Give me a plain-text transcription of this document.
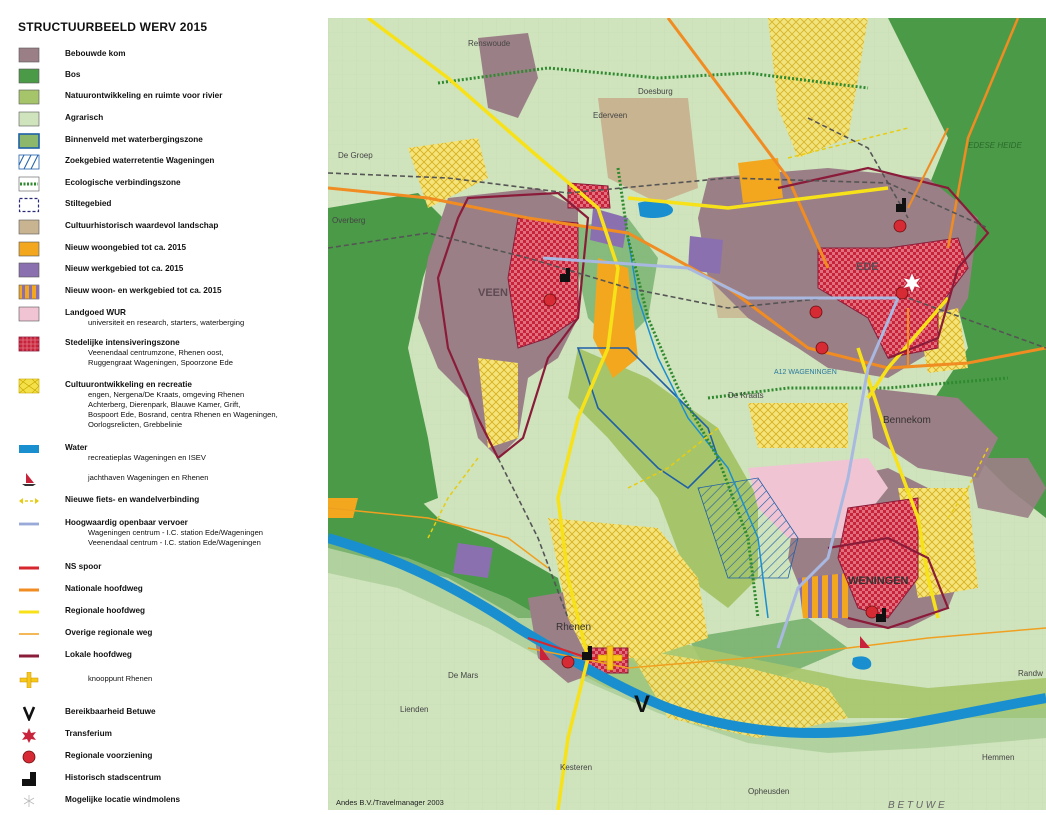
STRUCTUURBEELD WERV 2015
Bebouwde kom
Bos
Natuurontwikkeling en ruimte voor rivier
Agrarisch
Binnenveld met waterbergingszone
Zoekgebied waterretentie Wageningen
Ecologische verbindingszone
Stiltegebied
Cultuurhistorisch waardevol landschap
Nieuw woongebied tot ca. 2015
Nieuw werkgebied tot ca. 2015
Nieuw woon- en werkgebied tot ca. 2015
Landgoed WUR
universiteit en research, starters, waterberging
Stedelijke intensiveringszone
Veenendaal centrumzone, Rhenen oost,
Ruggengraat Wageningen, Spoorzone Ede
Cultuurontwikkeling en recreatie
engen, Nergena/De Kraats, omgeving Rhenen
Achterberg, Dierenpark, Blauwe Kamer, Grift,
Bospoort Ede, Bosrand, centra Rhenen en Wageningen,
Oorlogsrelicten, Grebbelinie
Water
recreatieplas Wageningen en ISEV
jachthaven Wageningen en Rhenen
Nieuwe fiets- en wandelverbinding
Hoogwaardig openbaar vervoer
Wageningen centrum - I.C. station Ede/Wageningen
Veenendaal centrum - I.C. station Ede/Wageningen
NS spoor
Nationale hoofdweg
Regionale hoofdweg
Overige regionale weg
Lokale hoofdweg
knooppunt Rhenen
Bereikbaarheid Betuwe
Transferium
Regionale voorziening
Historisch stadscentrum
Mogelijke locatie windmolens
Renswoude
Doesburg
Ederveen
De Groep
Overberg
VEEN
EDE
Bennekom
WENINGEN
Rhenen
Kesteren
Lienden
Opheusden
De Kraats
De Mars
Hemmen
Randw
EDESE HEIDE
B E T U W E
A12 WAGENINGEN
V
Andes B.V./Travelmanager 2003
